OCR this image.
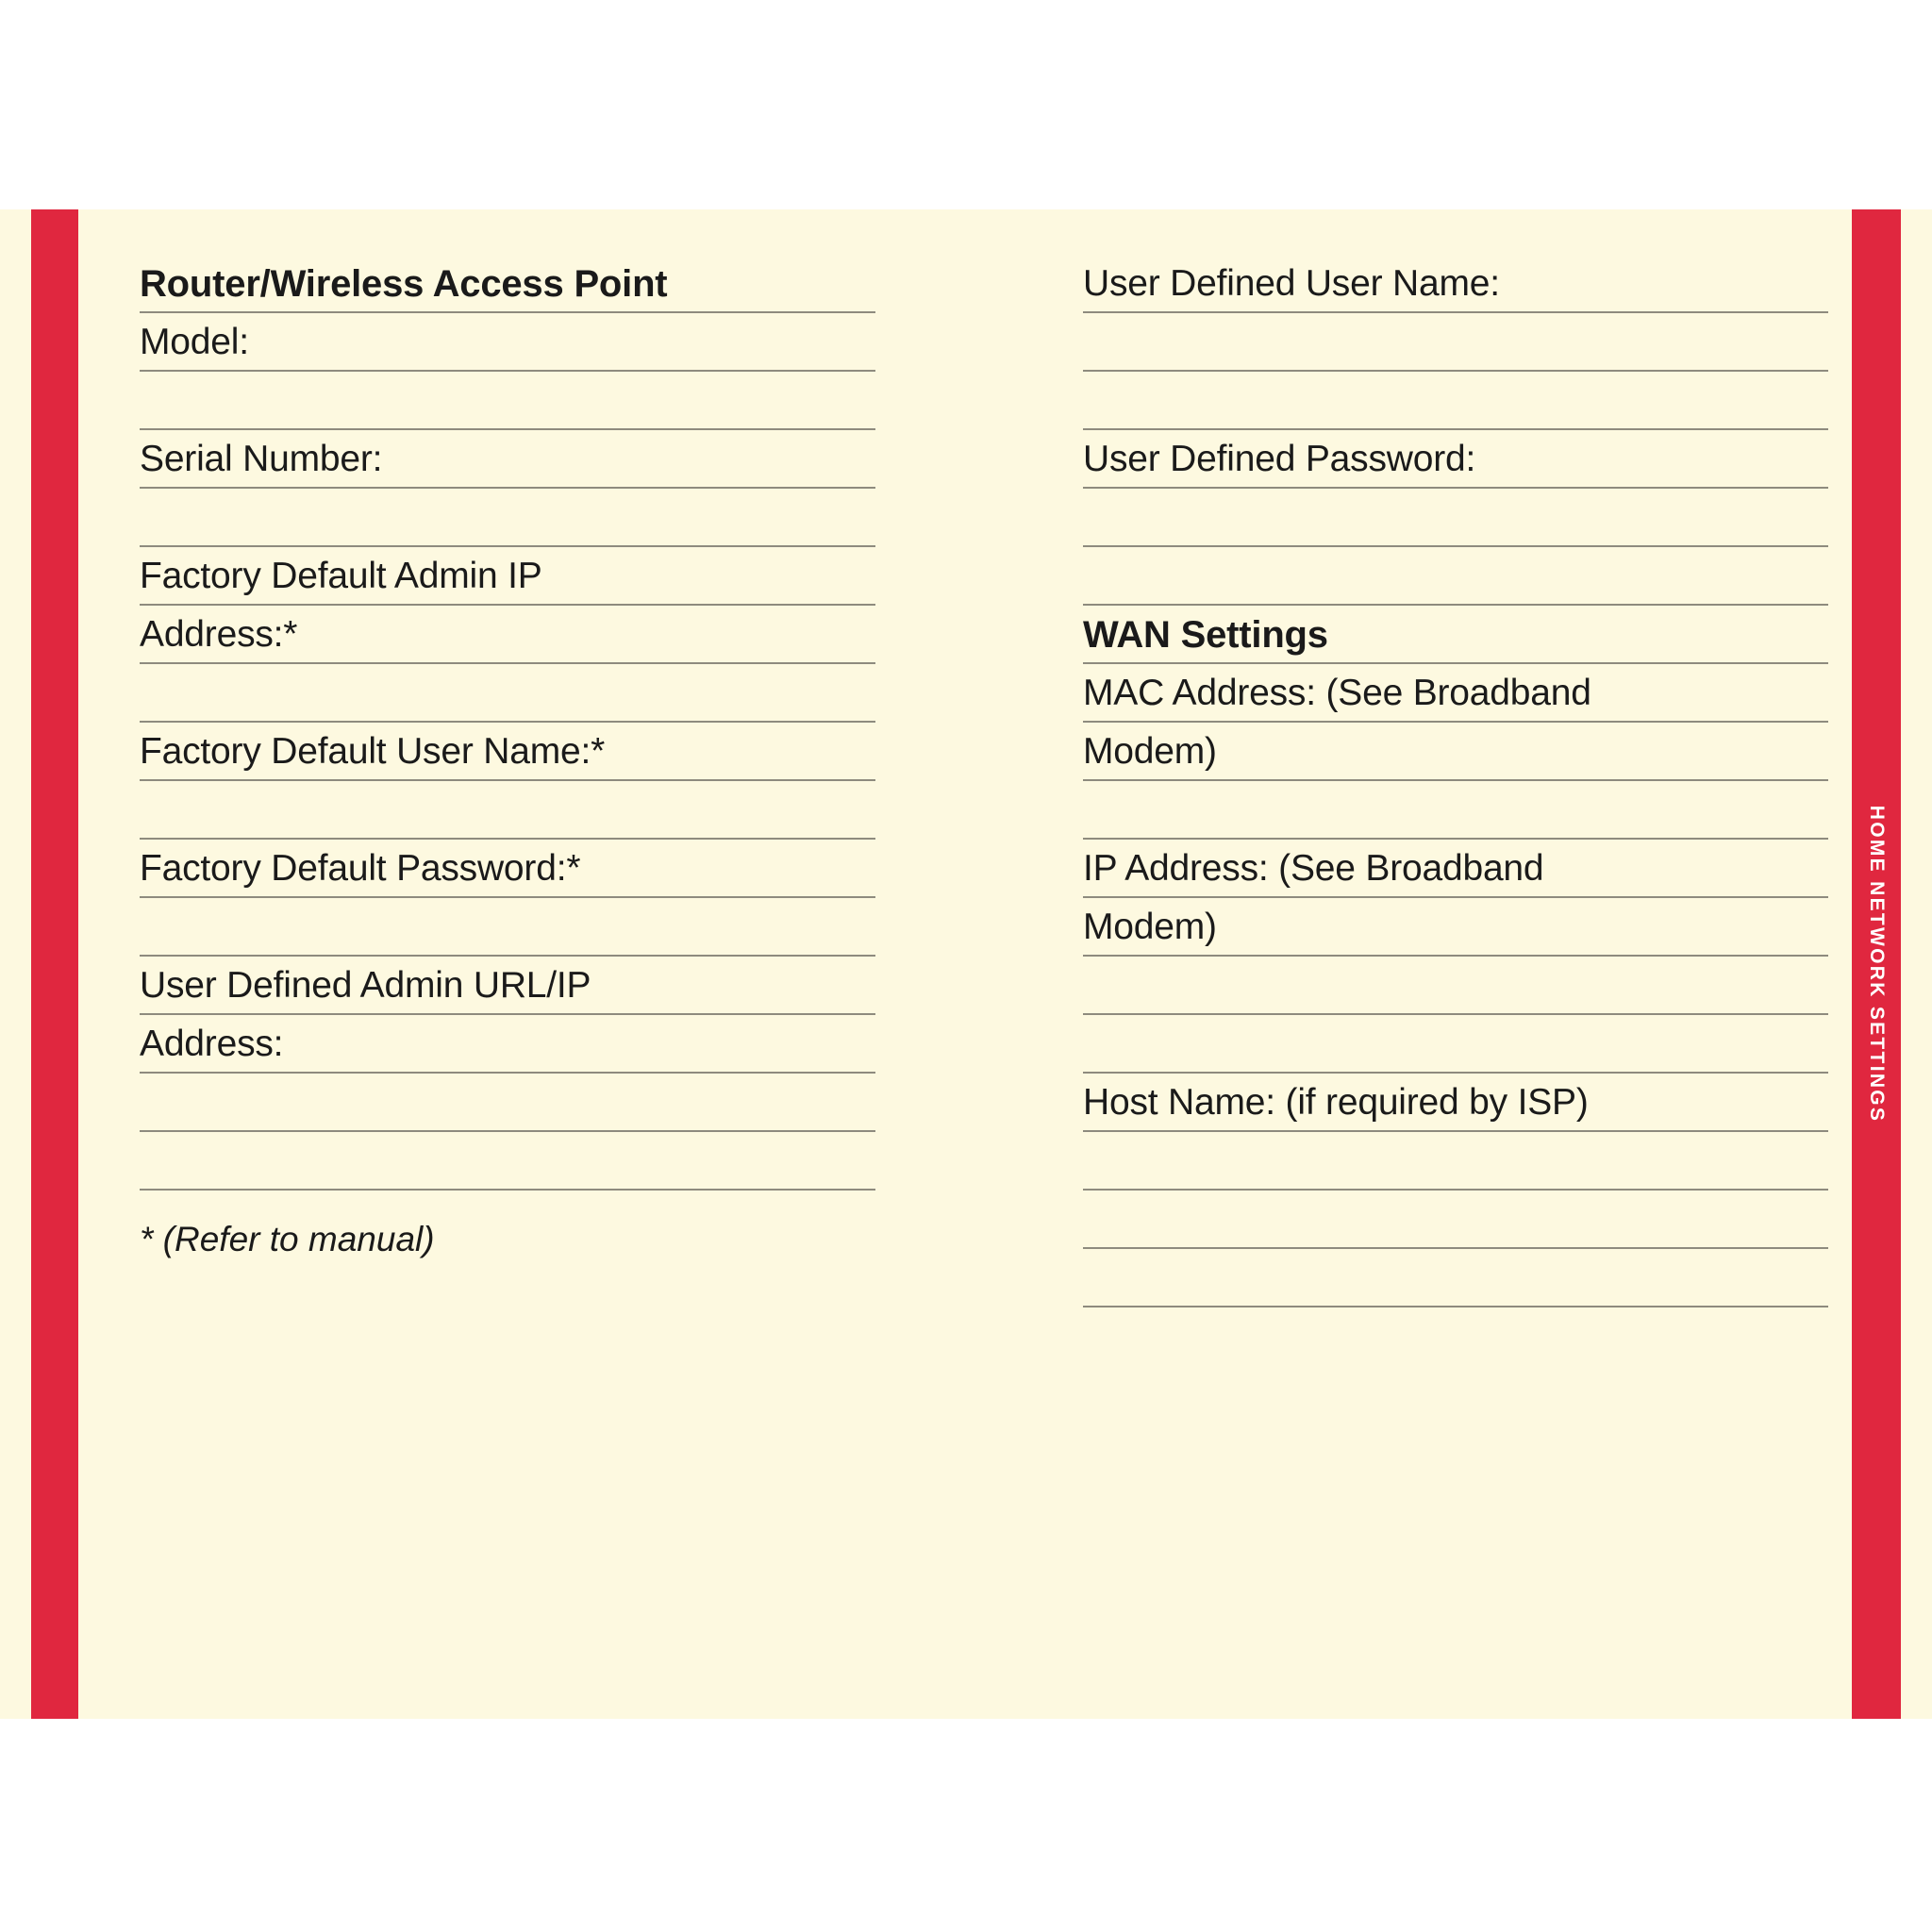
HOME NETWORK SETTINGS
Router/Wireless Access Point
Model:
Serial Number:
Factory Default Admin IP
Address:*
Factory Default User Name:*
Factory Default Password:*
User Defined Admin URL/IP
Address:
* (Refer to manual)
User Defined User Name:
User Defined Password:
WAN Settings
MAC Address: (See Broadband
Modem)
IP Address: (See Broadband
Modem)
Host Name: (if required by ISP)
